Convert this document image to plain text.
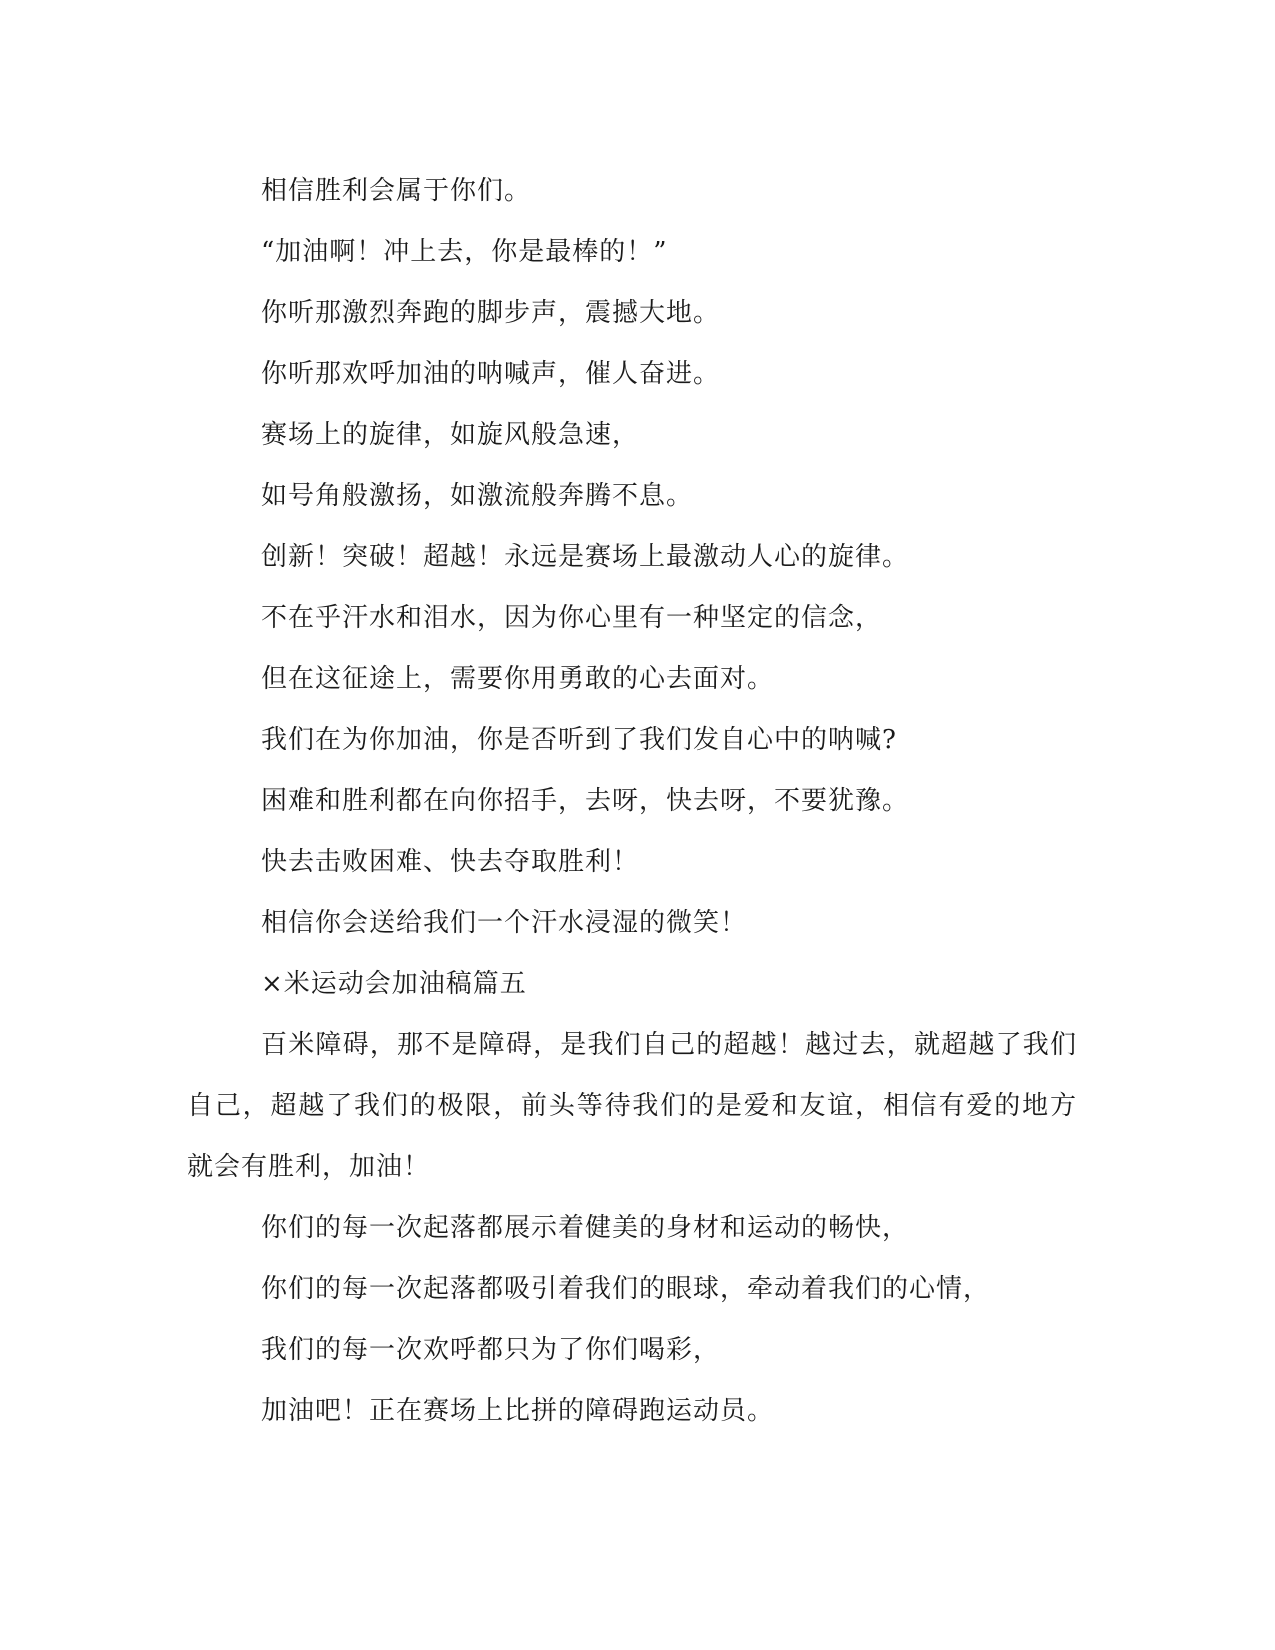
相信胜利会属于你们。

“加油啊！冲上去，你是最棒的！”

你听那激烈奔跑的脚步声，震撼大地。

你听那欢呼加油的呐喊声，催人奋进。

赛场上的旋律，如旋风般急速，

如号角般激扬，如激流般奔腾不息。

创新！突破！超越！永远是赛场上最激动人心的旋律。

不在乎汗水和泪水，因为你心里有一种坚定的信念，

但在这征途上，需要你用勇敢的心去面对。

我们在为你加油，你是否听到了我们发自心中的呐喊?

困难和胜利都在向你招手，去呀，快去呀，不要犹豫。

快去击败困难、快去夺取胜利！

相信你会送给我们一个汗水浸湿的微笑！

×米运动会加油稿篇五

百米障碍，那不是障碍，是我们自己的超越！越过去，就超越了我们自己，超越了我们的极限，前头等待我们的是爱和友谊，相信有爱的地方就会有胜利，加油！

你们的每一次起落都展示着健美的身材和运动的畅快，

你们的每一次起落都吸引着我们的眼球，牵动着我们的心情，

我们的每一次欢呼都只为了你们喝彩，

加油吧！正在赛场上比拼的障碍跑运动员。
